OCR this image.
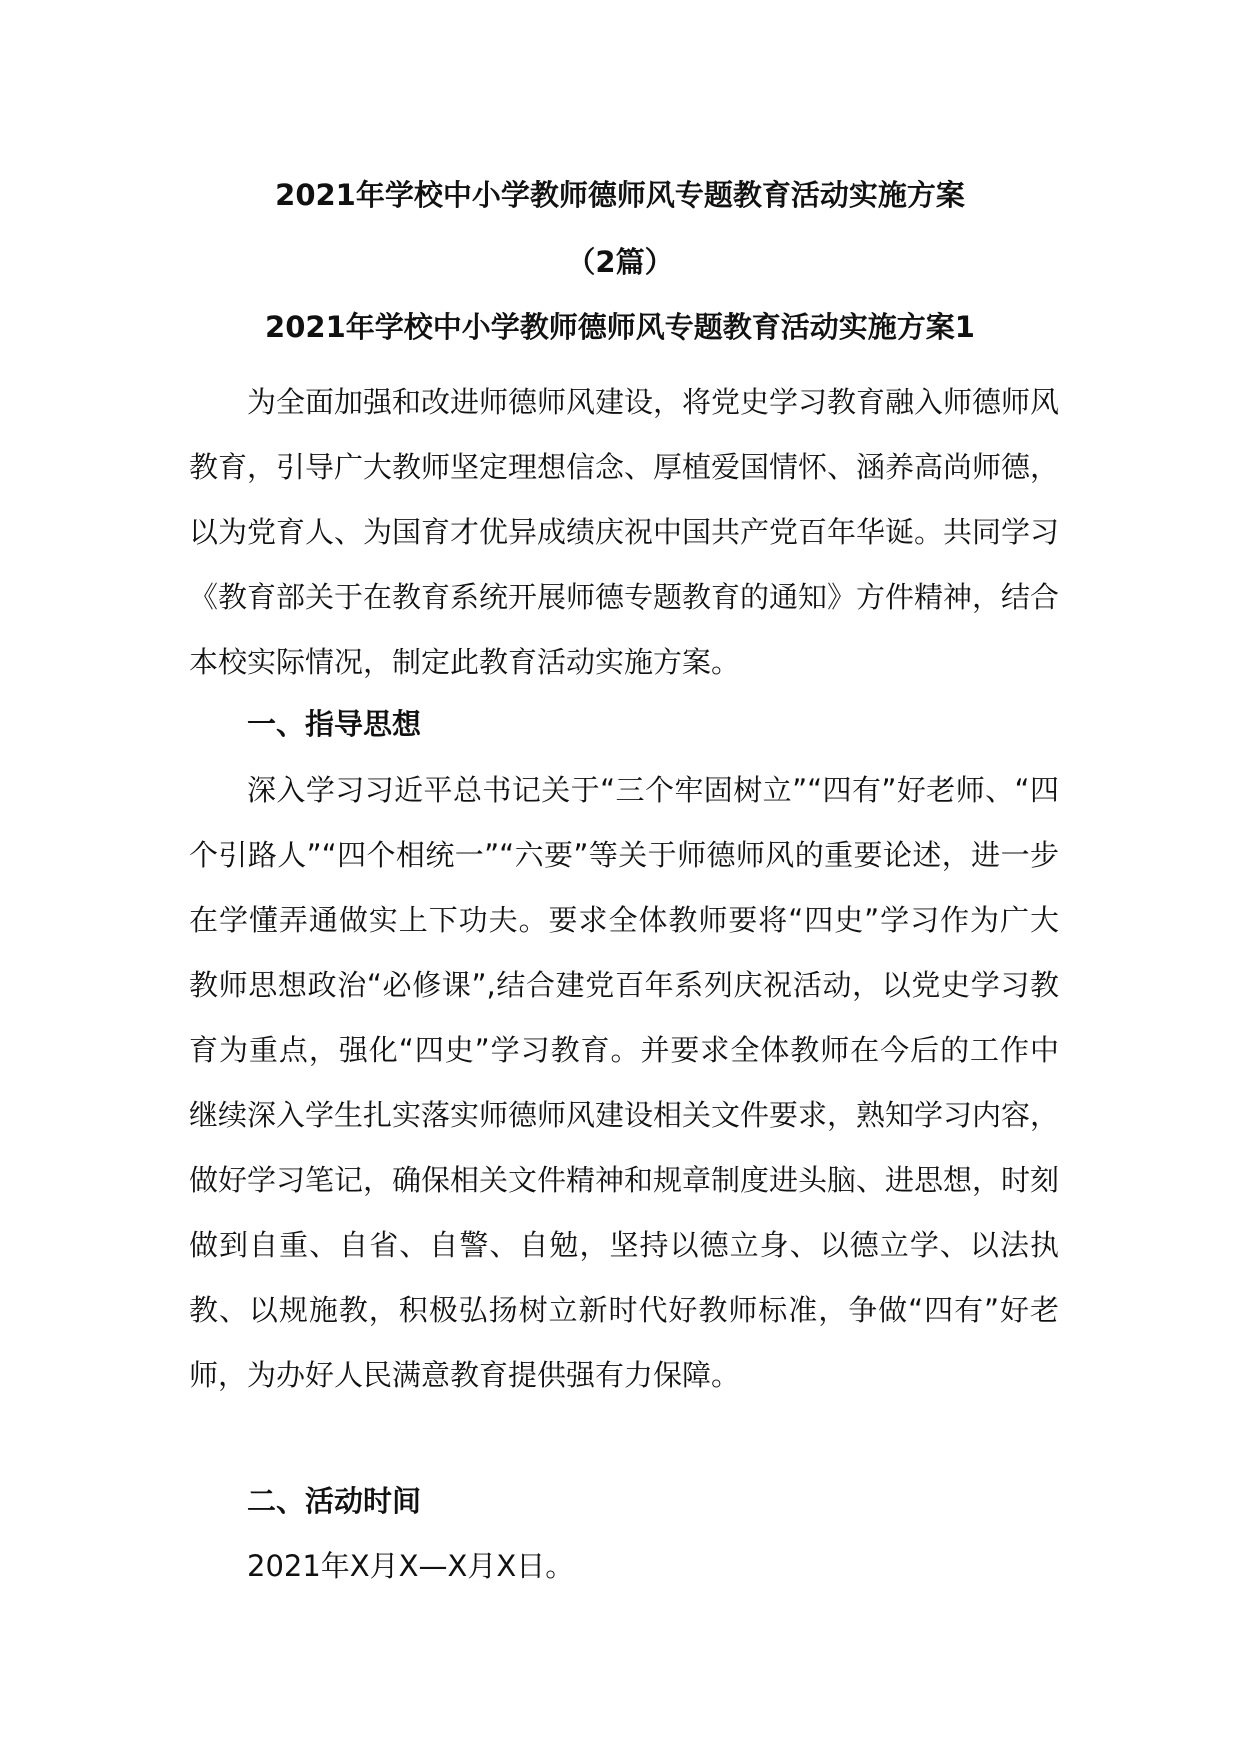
2021年学校中小学教师德师风专题教育活动实施方案
（2篇）
2021年学校中小学教师德师风专题教育活动实施方案1
为全面加强和改进师德师风建设，将党史学习教育融入师德师风教育，引导广大教师坚定理想信念、厚植爱国情怀、涵养高尚师德，以为党育人、为国育才优异成绩庆祝中国共产党百年华诞。共同学习《教育部关于在教育系统开展师德专题教育的通知》方件精神，结合本校实际情况，制定此教育活动实施方案。
一、指导思想
深入学习习近平总书记关于“三个牢固树立”“四有”好老师、“四个引路人”“四个相统一”“六要”等关于师德师风的重要论述，进一步在学懂弄通做实上下功夫。要求全体教师要将“四史”学习作为广大教师思想政治“必修课”,结合建党百年系列庆祝活动，以党史学习教育为重点，强化“四史”学习教育。并要求全体教师在今后的工作中继续深入学生扎实落实师德师风建设相关文件要求，熟知学习内容，做好学习笔记，确保相关文件精神和规章制度进头脑、进思想，时刻做到自重、自省、自警、自勉，坚持以德立身、以德立学、以法执教、以规施教，积极弘扬树立新时代好教师标准，争做“四有”好老师，为办好人民满意教育提供强有力保障。
二、活动时间
2021年X月X—X月X日。
